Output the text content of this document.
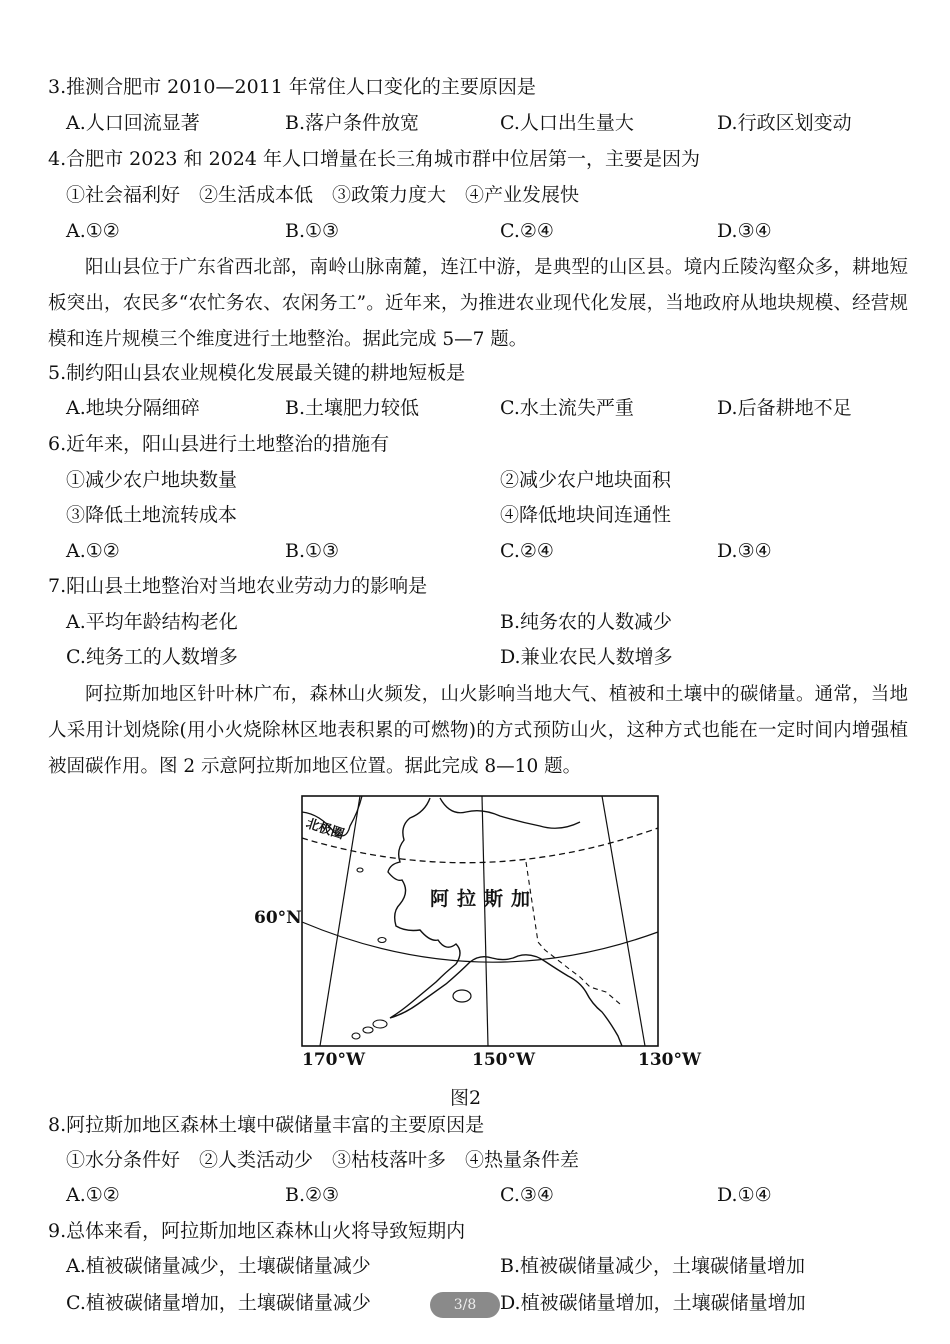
3.推测合肥市 2010—2011 年常住人口变化的主要原因是
A.人口回流显著	B.落户条件放宽	C.人口出生量大	D.行政区划变动
4.合肥市 2023 和 2024 年人口增量在长三角城市群中位居第一，主要是因为
①社会福利好　②生活成本低　③政策力度大　④产业发展快
A.①②	B.①③	C.②④	D.③④
阳山县位于广东省西北部，南岭山脉南麓，连江中游，是典型的山区县。境内丘陵沟壑众多，耕地短板突出，农民多“农忙务农、农闲务工”。近年来，为推进农业现代化发展，当地政府从地块规模、经营规模和连片规模三个维度进行土地整治。据此完成 5—7 题。
5.制约阳山县农业规模化发展最关键的耕地短板是
A.地块分隔细碎	B.土壤肥力较低	C.水土流失严重	D.后备耕地不足
6.近年来，阳山县进行土地整治的措施有
①减少农户地块数量	②减少农户地块面积
③降低土地流转成本	④降低地块间连通性
A.①②	B.①③	C.②④	D.③④
7.阳山县土地整治对当地农业劳动力的影响是
A.平均年龄结构老化	B.纯务农的人数减少
C.纯务工的人数增多	D.兼业农民人数增多
阿拉斯加地区针叶林广布，森林山火频发，山火影响当地大气、植被和土壤中的碳储量。通常，当地人采用计划烧除(用小火烧除林区地表积累的可燃物)的方式预防山火，这种方式也能在一定时间内增强植被固碳作用。图 2 示意阿拉斯加地区位置。据此完成 8—10 题。
北极圈
阿拉斯加
60°N
170°W	150°W	130°W
图2
8.阿拉斯加地区森林土壤中碳储量丰富的主要原因是
①水分条件好　②人类活动少　③枯枝落叶多　④热量条件差
A.①②	B.②③	C.③④	D.①④
9.总体来看，阿拉斯加地区森林山火将导致短期内
A.植被碳储量减少，土壤碳储量减少	B.植被碳储量减少，土壤碳储量增加
C.植被碳储量增加，土壤碳储量减少	D.植被碳储量增加，土壤碳储量增加
3/8
